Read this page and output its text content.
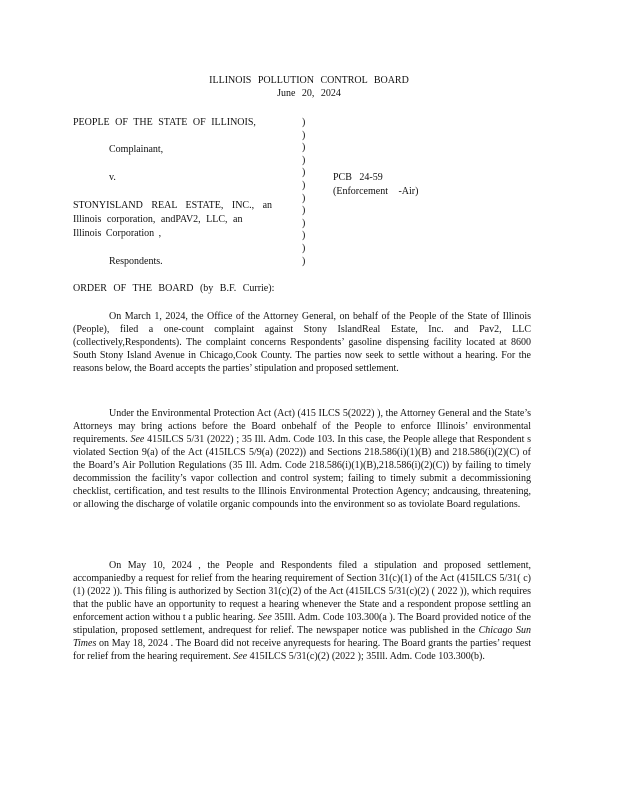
ILLINOIS POLLUTION CONTROL BOARD
June 20, 2024
PEOPLE OF THE STATE OF ILLINOIS,
Complainant,
v.
STONYISLAND REAL ESTATE, INC., an
Illinois corporation, andPAV2, LLC, an
Illinois Corporation ,
Respondents.
)
)
)
)
)
)
)
)
)
)
)
)
PCB 24-59
(Enforcement -Air)
ORDER OF THE BOARD (by B.F. Currie):

On March 1, 2024, the Office of the Attorney General, on behalf of the People of the State of Illinois (People), filed a one-count complaint against Stony IslandReal Estate, Inc. and Pav2, LLC (collectively,Respondents). The complaint concerns Respondents’ gasoline dispensing facility located at 8600 South Stony Island Avenue in Chicago,Cook County. The parties now seek to settle without a hearing. For the reasons below, the Board accepts the parties’ stipulation and proposed settlement.

Under the Environmental Protection Act (Act) (415 ILCS 5(2022) ), the Attorney General and the State’s Attorneys may bring actions before the Board onbehalf of the People to enforce Illinois’ environmental requirements. See 415ILCS 5/31 (2022) ; 35 Ill. Adm. Code 103. In this case, the People allege that Respondent s violated Section 9(a) of the Act (415ILCS 5/9(a) (2022)) and Sections 218.586(i)(1)(B) and 218.586(i)(2)(C) of the Board’s Air Pollution Regulations (35 Ill. Adm. Code 218.586(i)(1)(B),218.586(i)(2)(C)) by failing to timely decommission the facility’s vapor collection and control system; failing to timely submit a decommissioning checklist, certification, and test results to the Illinois Environmental Protection Agency; andcausing, threatening, or allowing the discharge of volatile organic compounds into the environment so as toviolate Board regulations.

On May 10, 2024 , the People and Respondents filed a stipulation and proposed settlement, accompaniedby a request for relief from the hearing requirement of Section 31(c)(1) of the Act (415ILCS 5/31( c)(1) (2022 )). This filing is authorized by Section 31(c)(2) of the Act (415ILCS 5/31(c)(2) ( 2022 )), which requires that the public have an opportunity to request a hearing whenever the State and a respondent propose settling an enforcement action withou t a public hearing. See 35Ill. Adm. Code 103.300(a ). The Board provided notice of the stipulation, proposed settlement, andrequest for relief. The newspaper notice was published in the Chicago Sun Times on May 18, 2024 . The Board did not receive anyrequests for hearing. The Board grants the parties’ request for relief from the hearing requirement. See 415ILCS 5/31(c)(2) (2022 ); 35Ill. Adm. Code 103.300(b).
